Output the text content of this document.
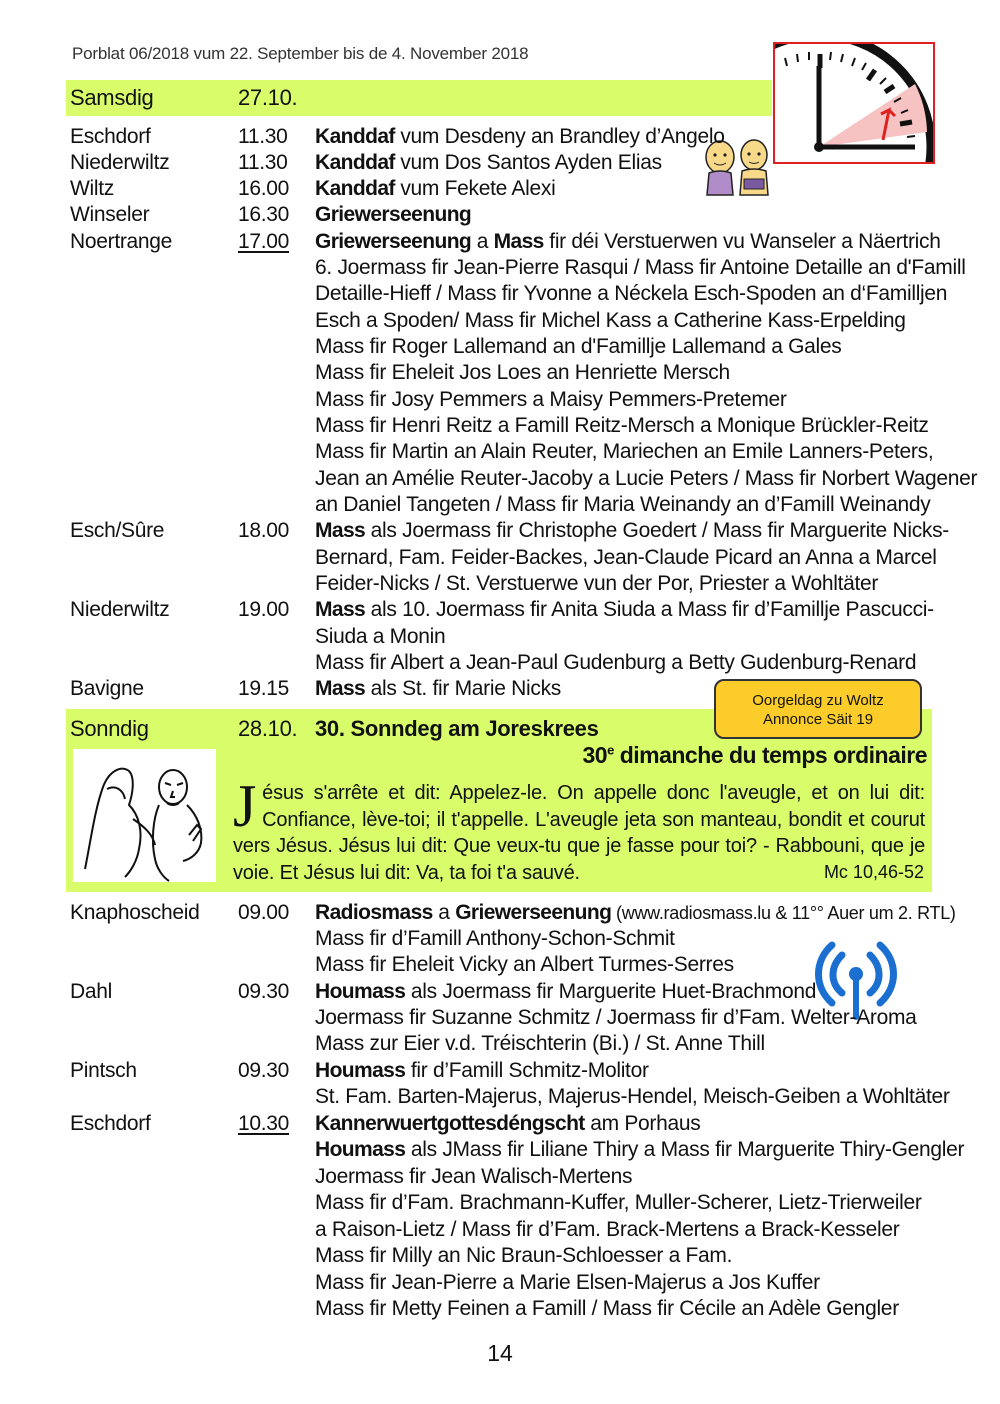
Porblat 06/2018 vum 22. September bis de 4. November 2018
Samsdig	27.10.
Eschdorf	11.30 Kanddaf vum Desdeny an Brandley d’Angelo
Niederwiltz	11.30 Kanddaf vum Dos Santos Ayden Elias
Wiltz	16.00 Kanddaf vum Fekete Alexi
Winseler	16.30 Griewerseenung
Noertrange	17.00 Griewerseenung a Mass fir déi Verstuerwen vu Wanseler a Näertrich
6. Joermass fir Jean-Pierre Rasqui / Mass fir Antoine Detaille an d'Famill
Detaille-Hieff / Mass fir Yvonne a Néckela Esch-Spoden an d‘Familljen
Esch a Spoden/ Mass fir Michel Kass a Catherine Kass-Erpelding
Mass fir Roger Lallemand an d'Famillje Lallemand a Gales
Mass fir Eheleit Jos Loes an Henriette Mersch
Mass fir Josy Pemmers a Maisy Pemmers-Pretemer
Mass fir Henri Reitz a Famill Reitz-Mersch a Monique Brückler-Reitz
Mass fir Martin an Alain Reuter, Mariechen an Emile Lanners-Peters,
Jean an Amélie Reuter-Jacoby a Lucie Peters / Mass fir Norbert Wagener
an Daniel Tangeten / Mass fir Maria Weinandy an d’Famill Weinandy
Esch/Sûre	18.00 Mass als Joermass fir Christophe Goedert / Mass fir Marguerite Nicks-
Bernard, Fam. Feider-Backes, Jean-Claude Picard an Anna a Marcel
Feider-Nicks / St. Verstuerwe vun der Por, Priester a Wohltäter
Niederwiltz	19.00 Mass als 10. Joermass fir Anita Siuda a Mass fir d’Famillje Pascucci-
Siuda a Monin
Mass fir Albert a Jean-Paul Gudenburg a Betty Gudenburg-Renard
Bavigne	19.15 Mass als St. fir Marie Nicks
Oorgeldag zu Woltz
Annonce Säit 19
Sonndig	28.10. 30. Sonndeg am Joreskrees
30e dimanche du temps ordinaire
Jésus s'arrête et dit: Appelez-le. On appelle donc l'aveugle, et on lui dit: Confiance, lève-toi; il t'appelle. L'aveugle jeta son manteau, bondit et courut vers Jésus. Jésus lui dit: Que veux-tu que je fasse pour toi? - Rabbouni, que je voie. Et Jésus lui dit: Va, ta foi t'a sauvé.	Mc 10,46-52
Knaphoscheid 09.00 Radiosmass a Griewerseenung (www.radiosmass.lu & 11°° Auer um 2. RTL)
Mass fir d’Famill Anthony-Schon-Schmit
Mass fir Eheleit Vicky an Albert Turmes-Serres
Dahl	09.30 Houmass als Joermass fir Marguerite Huet-Brachmond
Joermass fir Suzanne Schmitz / Joermass fir d’Fam. Welter-Aroma
Mass zur Eier v.d. Tréischterin (Bi.) / St. Anne Thill
Pintsch	09.30 Houmass fir d’Famill Schmitz-Molitor
St. Fam. Barten-Majerus, Majerus-Hendel, Meisch-Geiben a Wohltäter
Eschdorf	10.30 Kannerwuertgottesdéngscht am Porhaus
Houmass als JMass fir Liliane Thiry a Mass fir Marguerite Thiry-Gengler
Joermass fir Jean Walisch-Mertens
Mass fir d’Fam. Brachmann-Kuffer, Muller-Scherer, Lietz-Trierweiler
a Raison-Lietz / Mass fir d’Fam. Brack-Mertens a Brack-Kesseler
Mass fir Milly an Nic Braun-Schloesser a Fam.
Mass fir Jean-Pierre a Marie Elsen-Majerus a Jos Kuffer
Mass fir Metty Feinen a Famill / Mass fir Cécile an Adèle Gengler
14
